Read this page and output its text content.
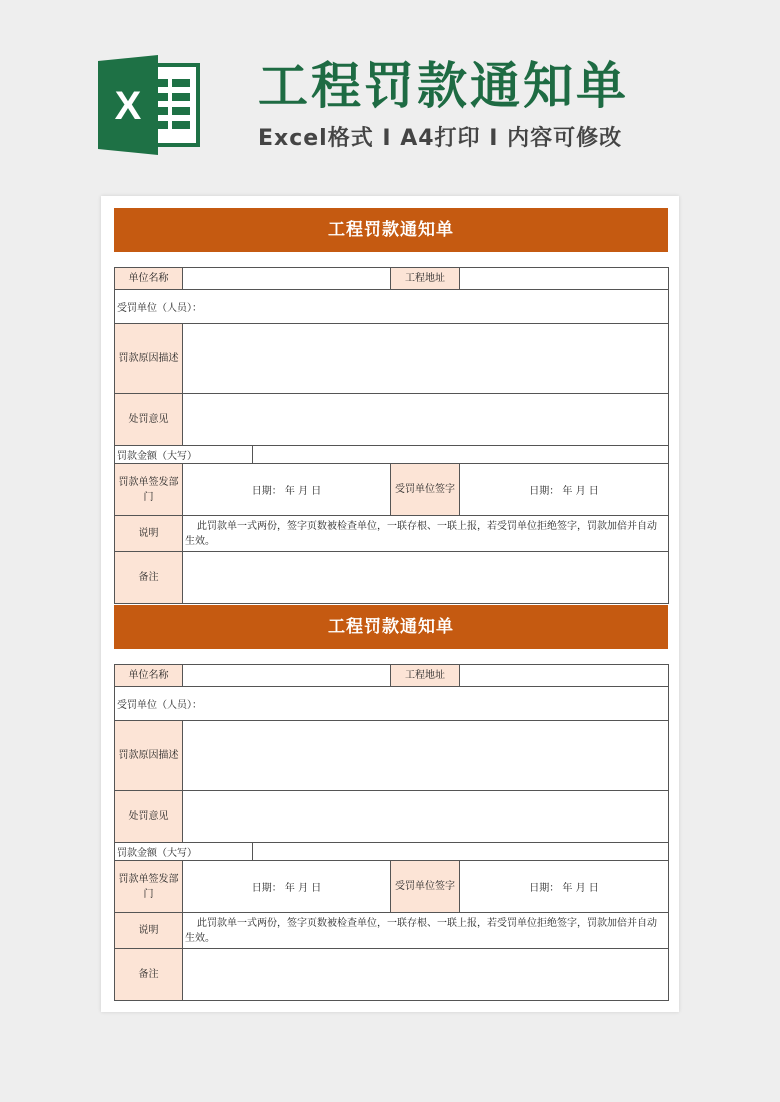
X 工程罚款通知单
Excel格式 I A4打印 I 内容可修改
工程罚款通知单
单位名称			工程地址	
受罚单位（人员）：				
罚款原因描述				
处罚意见				
罚款金额（大写）				
罚款单签发部门	日期： 年 月 日		受罚单位签字	日期： 年 月 日
说明	此罚款单一式两份，签字页数被检查单位，一联存根、一联上报，若受罚单位拒绝签字，罚款加倍并自动生效。			
备注				
工程罚款通知单
单位名称			工程地址	
受罚单位（人员）：				
罚款原因描述				
处罚意见				
罚款金额（大写）				
罚款单签发部门	日期： 年 月 日		受罚单位签字	日期： 年 月 日
说明	此罚款单一式两份，签字页数被检查单位，一联存根、一联上报，若受罚单位拒绝签字，罚款加倍并自动生效。			
备注				
